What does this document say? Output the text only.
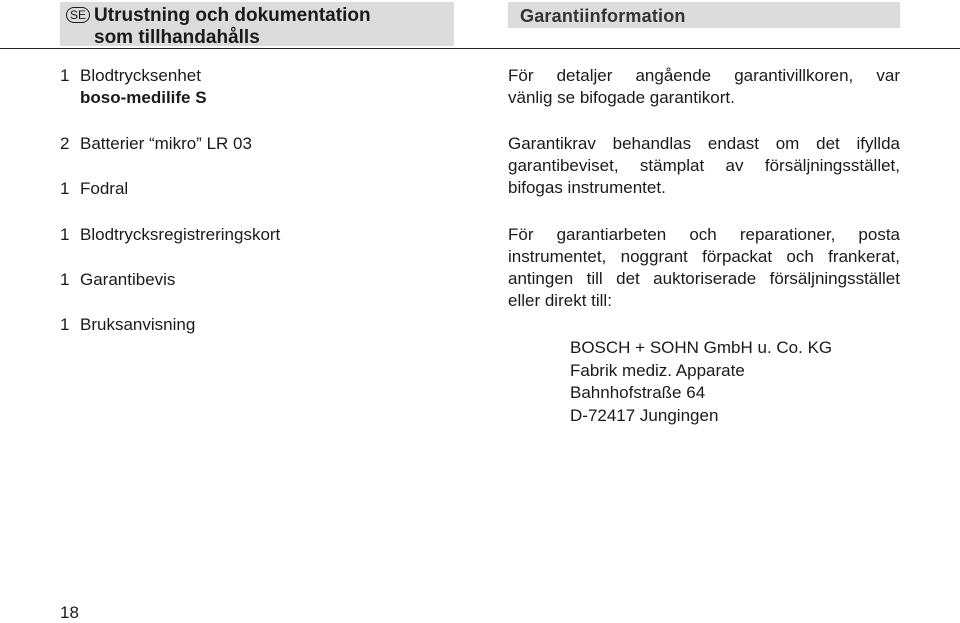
SE Utrustning och dokumentation
som tillhandahålls
Garantiinformation
1 Blodtrycksenhet
boso-medilife S
2 Batterier “mikro” LR 03
1 Fodral
1 Blodtrycksregistreringskort
1 Garantibevis
1 Bruksanvisning
För detaljer angående garantivillkoren, var
vänlig se bifogade garantikort.
Garantikrav behandlas endast om det ifyllda
garantibeviset, stämplat av försäljningsstället,
bifogas instrumentet.
För garantiarbeten och reparationer, posta
instrumentet, noggrant förpackat och frankerat,
antingen till det auktoriserade försäljningsstället
eller direkt till:
BOSCH + SOHN GmbH u. Co. KG
Fabrik mediz. Apparate
Bahnhofstraße 64
D-72417 Jungingen
18
